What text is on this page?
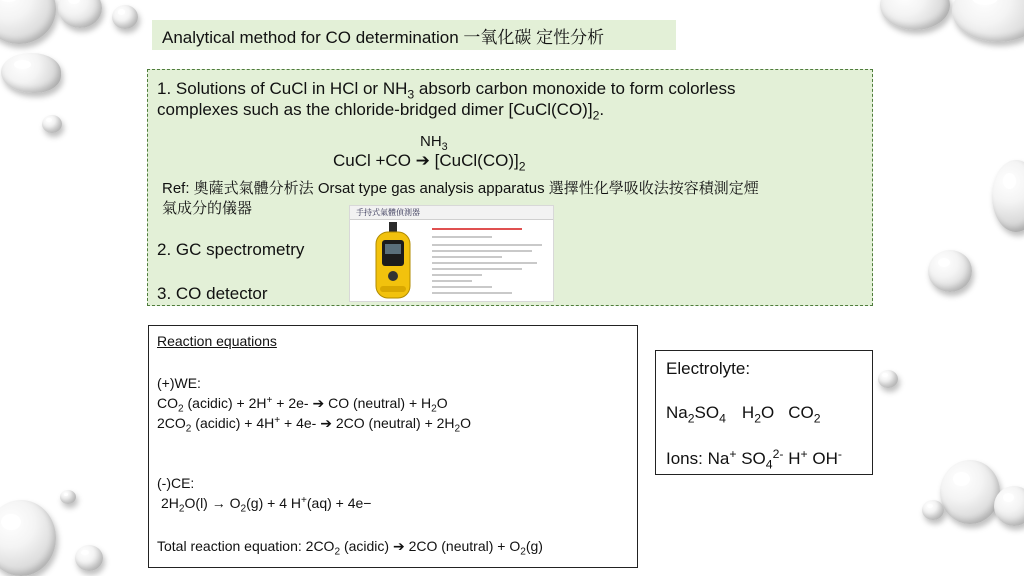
Analytical method for CO determination 一氧化碳 定性分析
1. Solutions of CuCl in HCl or $NH_3$ absorb carbon monoxide to form colorless
complexes such as the chloride-bridged dimer $[CuCl(CO)]_2$.
$NH_3$
CuCl +CO ➔ $[CuCl(CO)]_2$
Ref: 奧薩式氣體分析法 Orsat type gas analysis apparatus 選擇性化學吸收法按容積測定煙
氣成分的儀器
2. GC spectrometry
3. CO detector
手持式氣體偵測器
Reaction equations
(+)WE:
$CO_2$ (acidic) + 2H+ + 2e- ➔ CO (neutral) + $H_2O$
$2CO_2$ (acidic) + 4H+ + 4e- ➔ 2CO (neutral) + $2H_2O$
(-)CE:
$2H_2O(l) \to O_2(g) + 4$ H+(aq) + 4e−
Total reaction equation: $2CO_2$ (acidic) ➔ 2CO (neutral) + $O_2(g)$
Electrolyte:
$Na_2SO_4$ $H_2O$ $CO_2$
Ions: Na+ $SO_4^{2-}$ H+ OH-
